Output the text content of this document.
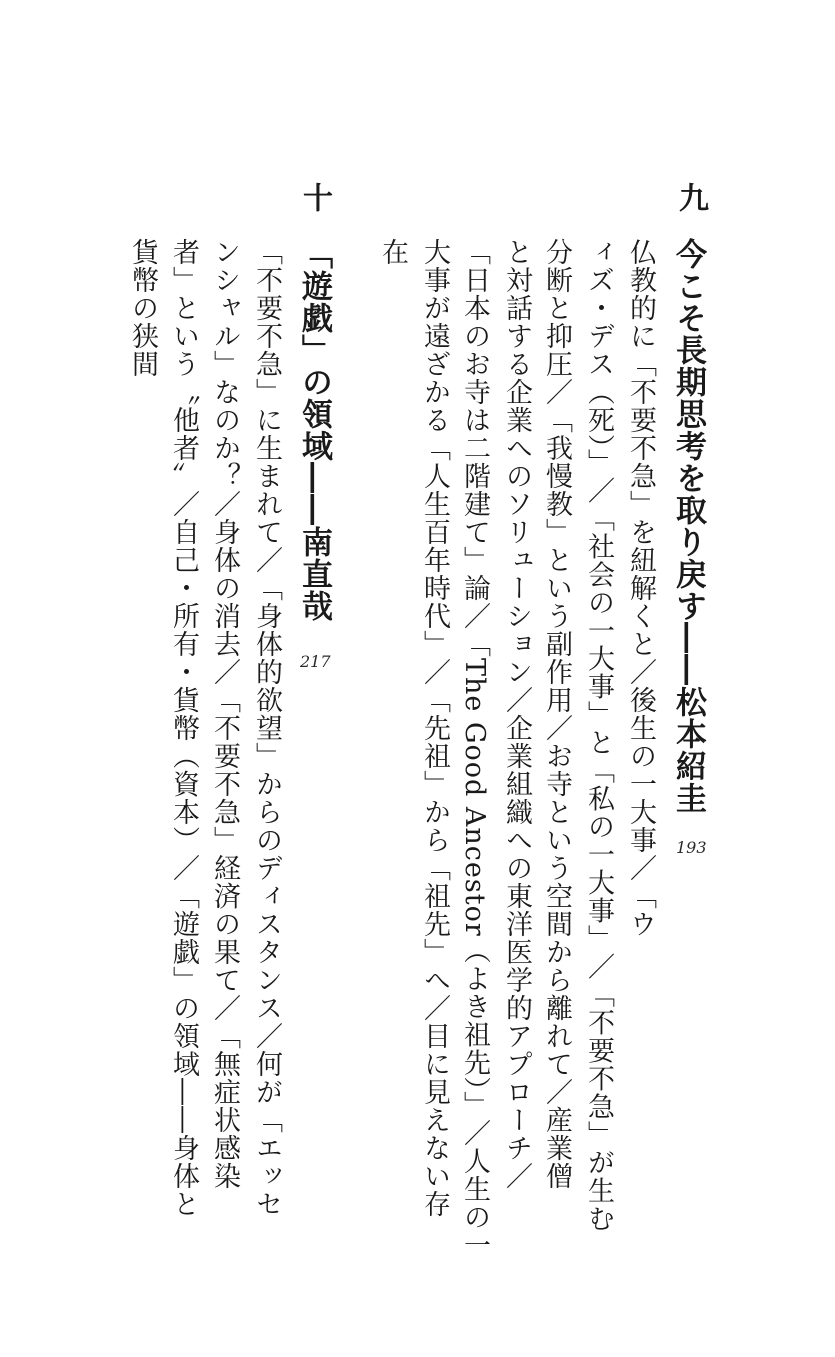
九
今こそ長期思考を取り戻す――松本紹圭
193
仏教的に「不要不急」を紐解くと／後生の一大事／「ウ
ィズ・デス（死）」／「社会の一大事」と「私の一大事」／「不要不急」が生む
分断と抑圧／「我慢教」という副作用／お寺という空間から離れて／産業僧
と対話する企業へのソリューション／企業組織への東洋医学的アプローチ／
「日本のお寺は二階建て」論／「The Good Ancestor（よき祖先）」／人生の一
大事が遠ざかる「人生百年時代」／「先祖」から「祖先」へ／目に見えない存
在
十
「遊戯」の領域――南直哉
217
「不要不急」に生まれて／「身体的欲望」からのディスタンス／何が「エッセ
ンシャル」なのか？／身体の消去／「不要不急」経済の果て／「無症状感染
者」という〝他者〟／自己・所有・貨幣（資本）／「遊戯」の領域――身体と
貨幣の狭間
